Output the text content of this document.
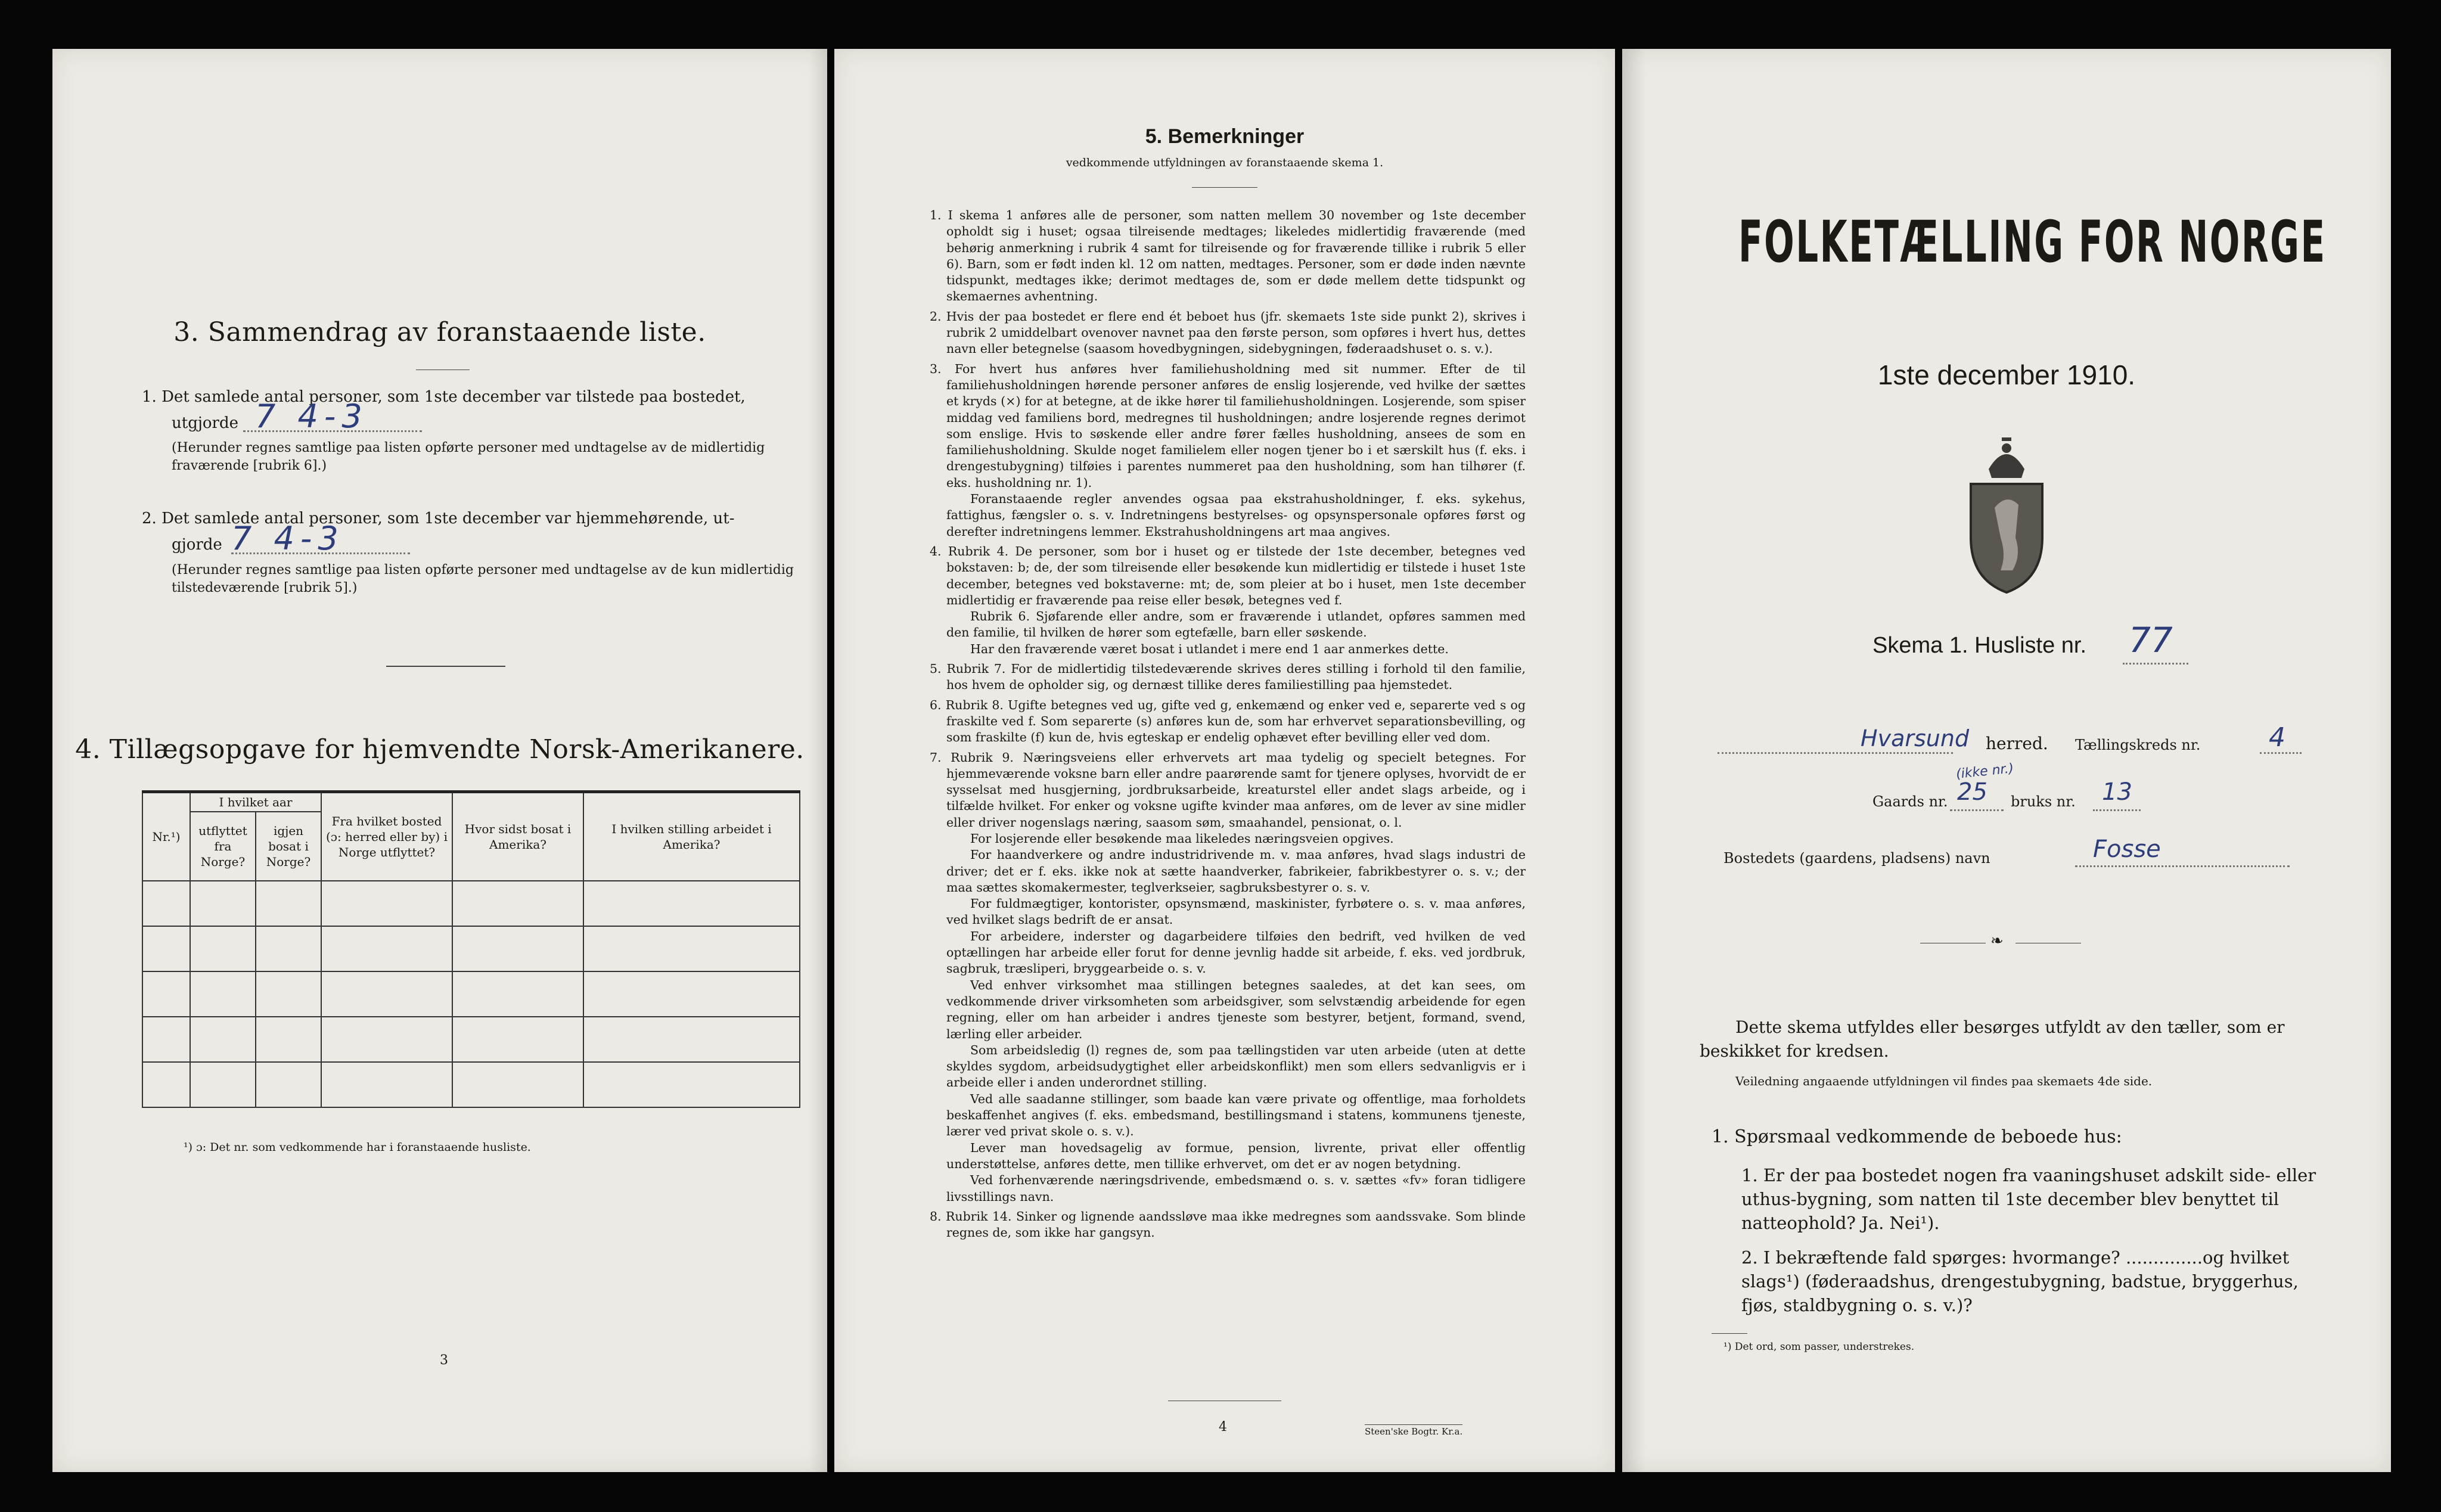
3. Sammendrag av foranstaaende liste.
1. Det samlede antal personer, som 1ste december var tilstede paa bostedet,
utgjorde 7 4-3
(Herunder regnes samtlige paa listen opførte personer med undtagelse av de midlertidig fraværende [rubrik 6].)
2. Det samlede antal personer, som 1ste december var hjemmehørende, ut-
gjorde 7 4-3
(Herunder regnes samtlige paa listen opførte personer med undtagelse av de kun midlertidig tilstedeværende [rubrik 5].)
4. Tillægsopgave for hjemvendte Norsk-Amerikanere.
Nr.¹)	I hvilket aar		Fra hvilket bosted (ɔ: herred eller by) i Norge utflyttet?	Hvor sidst bosat i Amerika?	I hvilken stilling arbeidet i Amerika?
	utflyttet fra Norge?	igjen bosat i Norge?			

¹) ɔ: Det nr. som vedkommende har i foranstaaende husliste.
3
5. Bemerkninger
vedkommende utfyldningen av foranstaaende skema 1.

1. I skema 1 anføres alle de personer, som natten mellem 30 november og 1ste december opholdt sig i huset; ogsaa tilreisende medtages; likeledes midlertidig fraværende (med behørig anmerkning i rubrik 4 samt for tilreisende og for fraværende tillike i rubrik 5 eller 6). Barn, som er født inden kl. 12 om natten, medtages. Personer, som er døde inden nævnte tidspunkt, medtages ikke; derimot medtages de, som er døde mellem dette tidspunkt og skemaernes avhentning.

2. Hvis der paa bostedet er flere end ét beboet hus (jfr. skemaets 1ste side punkt 2), skrives i rubrik 2 umiddelbart ovenover navnet paa den første person, som opføres i hvert hus, dettes navn eller betegnelse (saasom hovedbygningen, sidebygningen, føderaadshuset o. s. v.).

3. For hvert hus anføres hver familiehusholdning med sit nummer. Efter de til familiehusholdningen hørende personer anføres de enslig losjerende, ved hvilke der sættes et kryds (×) for at betegne, at de ikke hører til familiehusholdningen. Losjerende, som spiser middag ved familiens bord, medregnes til husholdningen; andre losjerende regnes derimot som enslige. Hvis to søskende eller andre fører fælles husholdning, ansees de som en familiehusholdning. Skulde noget familielem eller nogen tjener bo i et særskilt hus (f. eks. i drengestubygning) tilføies i parentes nummeret paa den husholdning, som han tilhører (f. eks. husholdning nr. 1).

Foranstaaende regler anvendes ogsaa paa ekstrahusholdninger, f. eks. sykehus, fattighus, fængsler o. s. v. Indretningens bestyrelses- og opsynspersonale opføres først og derefter indretningens lemmer. Ekstrahusholdningens art maa angives.

4. Rubrik 4. De personer, som bor i huset og er tilstede der 1ste december, betegnes ved bokstaven: b; de, der som tilreisende eller besøkende kun midlertidig er tilstede i huset 1ste december, betegnes ved bokstaverne: mt; de, som pleier at bo i huset, men 1ste december midlertidig er fraværende paa reise eller besøk, betegnes ved f.

Rubrik 6. Sjøfarende eller andre, som er fraværende i utlandet, opføres sammen med den familie, til hvilken de hører som egtefælle, barn eller søskende.

Har den fraværende været bosat i utlandet i mere end 1 aar anmerkes dette.

5. Rubrik 7. For de midlertidig tilstedeværende skrives deres stilling i forhold til den familie, hos hvem de opholder sig, og dernæst tillike deres familiestilling paa hjemstedet.

6. Rubrik 8. Ugifte betegnes ved ug, gifte ved g, enkemænd og enker ved e, separerte ved s og fraskilte ved f. Som separerte (s) anføres kun de, som har erhvervet separationsbevilling, og som fraskilte (f) kun de, hvis egteskap er endelig ophævet efter bevilling eller ved dom.

7. Rubrik 9. Næringsveiens eller erhvervets art maa tydelig og specielt betegnes. For hjemmeværende voksne barn eller andre paarørende samt for tjenere oplyses, hvorvidt de er sysselsat med husgjerning, jordbruksarbeide, kreaturstel eller andet slags arbeide, og i tilfælde hvilket. For enker og voksne ugifte kvinder maa anføres, om de lever av sine midler eller driver nogenslags næring, saasom søm, smaahandel, pensionat, o. l.

For losjerende eller besøkende maa likeledes næringsveien opgives.

For haandverkere og andre industridrivende m. v. maa anføres, hvad slags industri de driver; det er f. eks. ikke nok at sætte haandverker, fabrikeier, fabrikbestyrer o. s. v.; der maa sættes skomakermester, teglverkseier, sagbruksbestyrer o. s. v.

For fuldmægtiger, kontorister, opsynsmænd, maskinister, fyrbøtere o. s. v. maa anføres, ved hvilket slags bedrift de er ansat.

For arbeidere, inderster og dagarbeidere tilføies den bedrift, ved hvilken de ved optællingen har arbeide eller forut for denne jevnlig hadde sit arbeide, f. eks. ved jordbruk, sagbruk, træsliperi, bryggearbeide o. s. v.

Ved enhver virksomhet maa stillingen betegnes saaledes, at det kan sees, om vedkommende driver virksomheten som arbeidsgiver, som selvstændig arbeidende for egen regning, eller om han arbeider i andres tjeneste som bestyrer, betjent, formand, svend, lærling eller arbeider.

Som arbeidsledig (l) regnes de, som paa tællingstiden var uten arbeide (uten at dette skyldes sygdom, arbeidsudygtighet eller arbeidskonflikt) men som ellers sedvanligvis er i arbeide eller i anden underordnet stilling.

Ved alle saadanne stillinger, som baade kan være private og offentlige, maa forholdets beskaffenhet angives (f. eks. embedsmand, bestillingsmand i statens, kommunens tjeneste, lærer ved privat skole o. s. v.).

Lever man hovedsagelig av formue, pension, livrente, privat eller offentlig understøttelse, anføres dette, men tillike erhvervet, om det er av nogen betydning.

Ved forhenværende næringsdrivende, embedsmænd o. s. v. sættes «fv» foran tidligere livsstillings navn.

8. Rubrik 14. Sinker og lignende aandssløve maa ikke medregnes som aandssvake. Som blinde regnes de, som ikke har gangsyn.

4	Steen'ske Bogtr. Kr.a.
FOLKETÆLLING FOR NORGE
1ste december 1910.
Skema 1. Husliste nr. 77
Hvarsund herred. Tællingskreds nr.	4
(ikke nr.)
Gaards nr. 25 bruks nr. 13
Bostedets (gaardens, pladsens) navn	Fosse
❧
Dette skema utfyldes eller besørges utfyldt av den tæller, som er beskikket for kredsen.
Veiledning angaaende utfyldningen vil findes paa skemaets 4de side.
1. Spørsmaal vedkommende de beboede hus:
1. Er der paa bostedet nogen fra vaaningshuset adskilt side- eller uthus-bygning, som natten til 1ste december blev benyttet til natteophold? Ja. Nei¹).
2. I bekræftende fald spørges: hvormange? ..............og hvilket slags¹) (føderaadshus, drengestubygning, badstue, bryggerhus, fjøs, staldbygning o. s. v.)?
¹) Det ord, som passer, understrekes.
